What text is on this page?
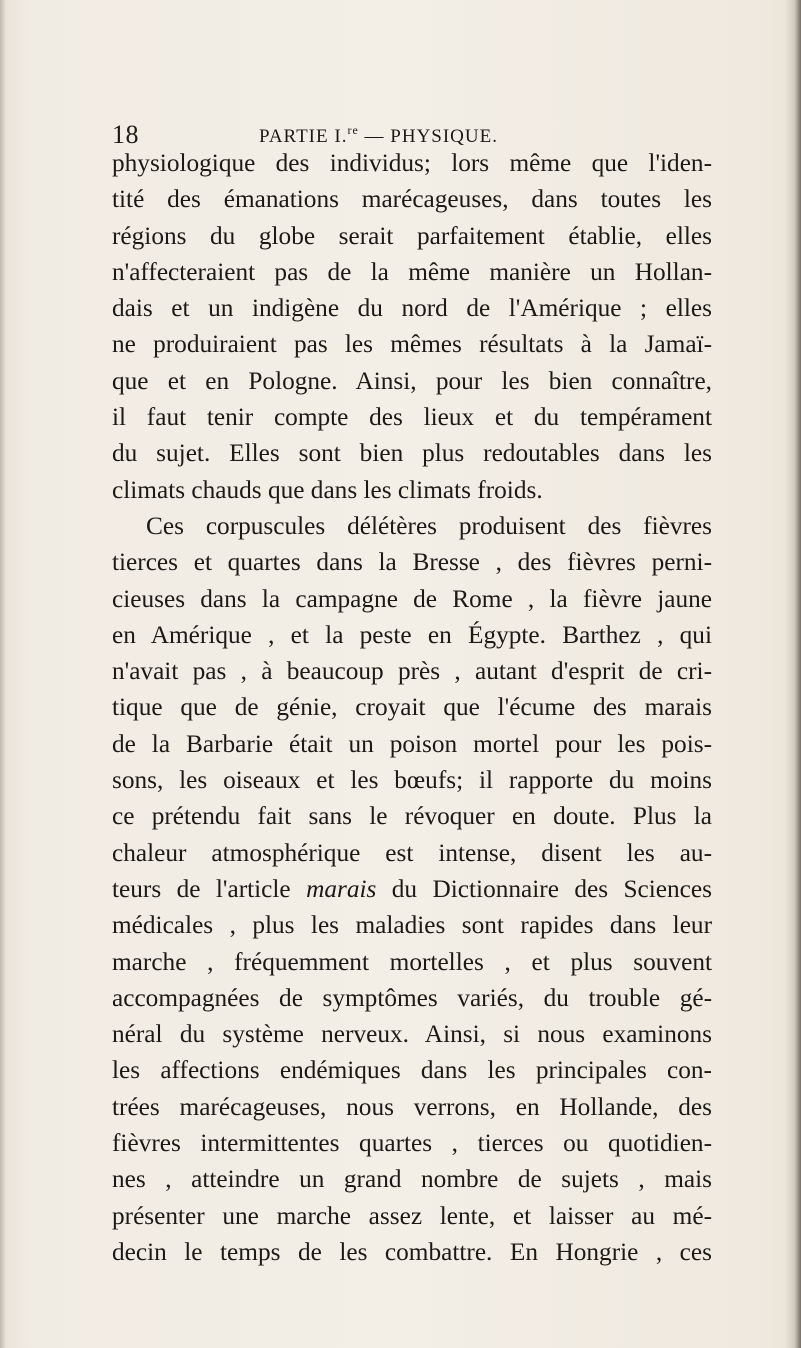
18	PARTIE I.$^{re}$ — PHYSIQUE.
physiologique des individus; lors même que l'iden-
tité des émanations marécageuses, dans toutes les
régions du globe serait parfaitement établie, elles
n'affecteraient pas de la même manière un Hollan-
dais et un indigène du nord de l'Amérique ; elles
ne produiraient pas les mêmes résultats à la Jamaï-
que et en Pologne. Ainsi, pour les bien connaître,
il faut tenir compte des lieux et du tempérament
du sujet. Elles sont bien plus redoutables dans les
climats chauds que dans les climats froids.
Ces corpuscules délétères produisent des fièvres
tierces et quartes dans la Bresse , des fièvres perni-
cieuses dans la campagne de Rome , la fièvre jaune
en Amérique , et la peste en Égypte. Barthez , qui
n'avait pas , à beaucoup près , autant d'esprit de cri-
tique que de génie, croyait que l'écume des marais
de la Barbarie était un poison mortel pour les pois-
sons, les oiseaux et les bœufs; il rapporte du moins
ce prétendu fait sans le révoquer en doute. Plus la
chaleur atmosphérique est intense, disent les au-
teurs de l'article marais du Dictionnaire des Sciences
médicales , plus les maladies sont rapides dans leur
marche , fréquemment mortelles , et plus souvent
accompagnées de symptômes variés, du trouble gé-
néral du système nerveux. Ainsi, si nous examinons
les affections endémiques dans les principales con-
trées marécageuses, nous verrons, en Hollande, des
fièvres intermittentes quartes , tierces ou quotidien-
nes , atteindre un grand nombre de sujets , mais
présenter une marche assez lente, et laisser au mé-
decin le temps de les combattre. En Hongrie , ces
